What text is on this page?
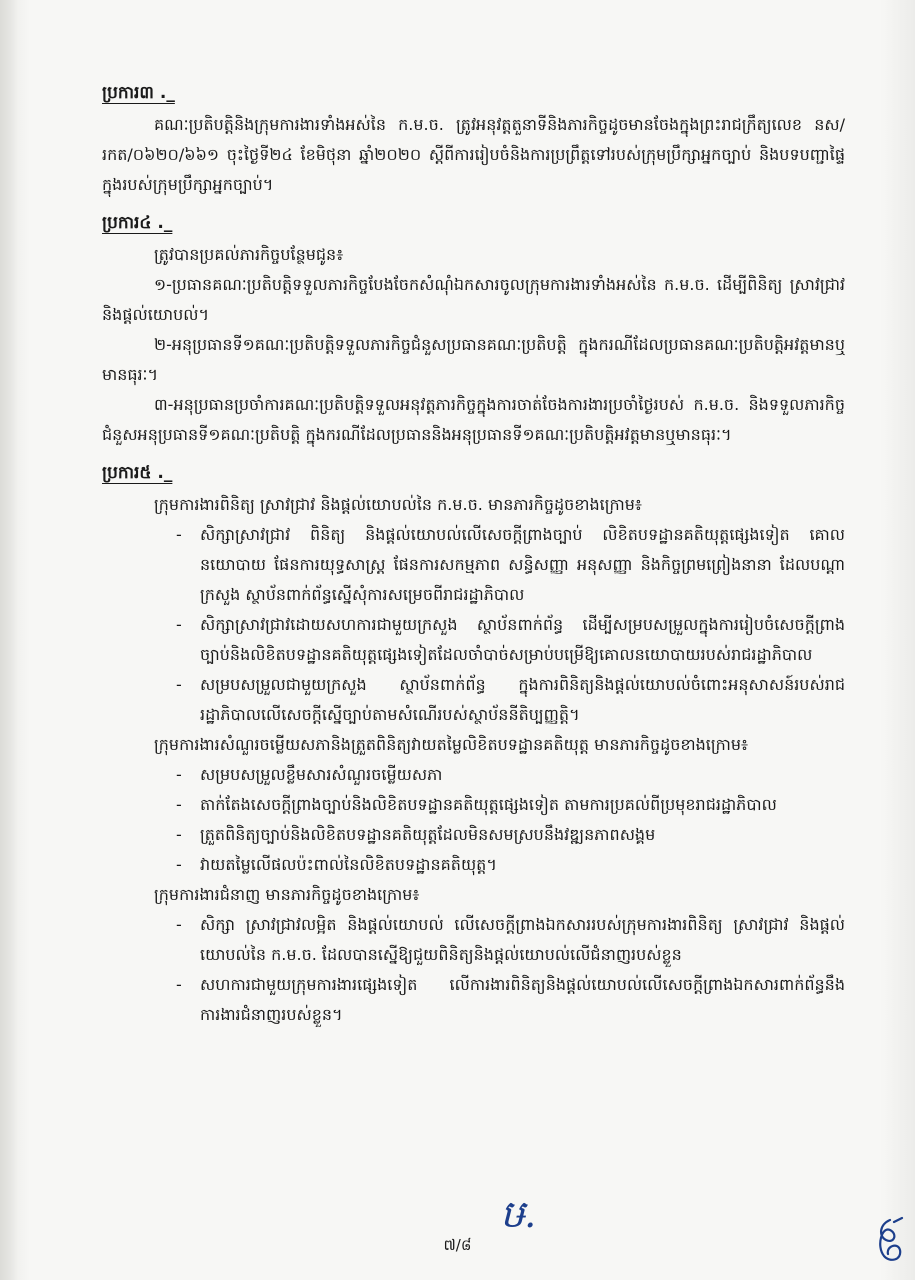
ប្រការ៣ ._
គណៈប្រតិបត្តិនិងក្រុមការងារទាំងអស់នៃ ក.ម.ច. ត្រូវអនុវត្តតួនាទីនិងភារកិច្ចដូចមានចែងក្នុងព្រះរាជក្រឹត្យលេខ នស/រកត/០៦២០/៦៦១ ចុះថ្ងៃទី២៤ ខែមិថុនា ឆ្នាំ២០២០ ស្តីពីការរៀបចំនិងការប្រព្រឹត្តទៅរបស់ក្រុមប្រឹក្សាអ្នកច្បាប់ និងបទបញ្ជាផ្ទៃក្នុងរបស់ក្រុមប្រឹក្សាអ្នកច្បាប់។
ប្រការ៤ ._
ត្រូវបានប្រគល់ភារកិច្ចបន្ថែមជូន៖
១-ប្រធានគណៈប្រតិបត្តិទទួលភារកិច្ចបែងចែកសំណុំឯកសារចូលក្រុមការងារទាំងអស់នៃ ក.ម.ច. ដើម្បីពិនិត្យ ស្រាវជ្រាវ និងផ្តល់យោបល់។
២-អនុប្រធានទី១គណៈប្រតិបត្តិទទួលភារកិច្ចជំនួសប្រធានគណៈប្រតិបត្តិ ក្នុងករណីដែលប្រធានគណៈប្រតិបត្តិអវត្តមានឬមានធុរៈ។
៣-អនុប្រធានប្រចាំការគណៈប្រតិបត្តិទទួលអនុវត្តភារកិច្ចក្នុងការចាត់ចែងការងារប្រចាំថ្ងៃរបស់ ក.ម.ច. និងទទួលភារកិច្ចជំនួសអនុប្រធានទី១គណៈប្រតិបត្តិ ក្នុងករណីដែលប្រធាននិងអនុប្រធានទី១គណៈប្រតិបត្តិអវត្តមានឬមានធុរៈ។
ប្រការ៥ ._
ក្រុមការងារពិនិត្យ ស្រាវជ្រាវ និងផ្តល់យោបល់នៃ ក.ម.ច. មានភារកិច្ចដូចខាងក្រោម៖
- សិក្សាស្រាវជ្រាវ ពិនិត្យ និងផ្តល់យោបល់លើសេចក្តីព្រាងច្បាប់ លិខិតបទដ្ឋានគតិយុត្តផ្សេងទៀត គោលនយោបាយ ផែនការយុទ្ធសាស្ត្រ ផែនការសកម្មភាព សន្ធិសញ្ញា អនុសញ្ញា និងកិច្ចព្រមព្រៀងនានា ដែលបណ្តាក្រសួង ស្ថាប័នពាក់ព័ន្ធស្នើសុំការសម្រេចពីរាជរដ្ឋាភិបាល
- សិក្សាស្រាវជ្រាវដោយសហការជាមួយក្រសួង ស្ថាប័នពាក់ព័ន្ធ ដើម្បីសម្របសម្រួលក្នុងការរៀបចំសេចក្តីព្រាងច្បាប់និងលិខិតបទដ្ឋានគតិយុត្តផ្សេងទៀតដែលចាំបាច់សម្រាប់បម្រើឱ្យគោលនយោបាយរបស់រាជរដ្ឋាភិបាល
- សម្របសម្រួលជាមួយក្រសួង ស្ថាប័នពាក់ព័ន្ធ ក្នុងការពិនិត្យនិងផ្តល់យោបល់ចំពោះអនុសាសន៍របស់រាជរដ្ឋាភិបាលលើសេចក្តីស្នើច្បាប់តាមសំណើរបស់ស្ថាប័ននីតិប្បញ្ញត្តិ។
ក្រុមការងារសំណួរចម្លើយសភានិងត្រួតពិនិត្យវាយតម្លៃលិខិតបទដ្ឋានគតិយុត្ត មានភារកិច្ចដូចខាងក្រោម៖
- សម្របសម្រួលខ្លឹមសារសំណួរចម្លើយសភា
- តាក់តែងសេចក្តីព្រាងច្បាប់និងលិខិតបទដ្ឋានគតិយុត្តផ្សេងទៀត តាមការប្រគល់ពីប្រមុខរាជរដ្ឋាភិបាល
- ត្រួតពិនិត្យច្បាប់និងលិខិតបទដ្ឋានគតិយុត្តដែលមិនសមស្របនឹងវឌ្ឍនភាពសង្គម
- វាយតម្លៃលើផលប៉ះពាល់នៃលិខិតបទដ្ឋានគតិយុត្ត។
ក្រុមការងារជំនាញ មានភារកិច្ចដូចខាងក្រោម៖
- សិក្សា ស្រាវជ្រាវលម្អិត និងផ្តល់យោបល់ លើសេចក្តីព្រាងឯកសាររបស់ក្រុមការងារពិនិត្យ ស្រាវជ្រាវ និងផ្តល់យោបល់នៃ ក.ម.ច. ដែលបានស្នើឱ្យជួយពិនិត្យនិងផ្តល់យោបល់លើជំនាញរបស់ខ្លួន
- សហការជាមួយក្រុមការងារផ្សេងទៀត លើការងារពិនិត្យនិងផ្តល់យោបល់លើសេចក្តីព្រាងឯកសារពាក់ព័ន្ធនឹងការងារជំនាញរបស់ខ្លួន។
ឞ.
៧/៨
